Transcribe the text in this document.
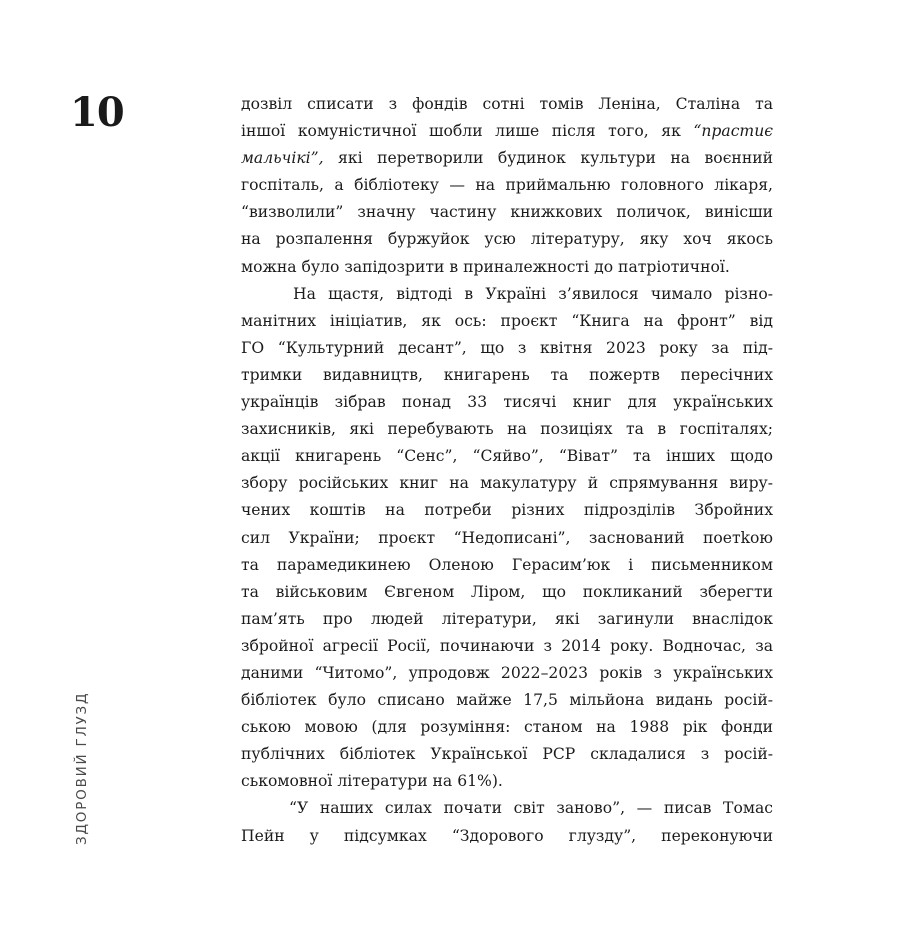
10
ЗДОРОВИЙ ГЛУЗД
дозвіл списати з фондів сотні томів Леніна, Сталіна та
іншої комуністичної шобли лише після того, як “прастиє
мальчікі”, які перетворили будинок культури на воєнний
госпіталь, а бібліотеку — на приймальню головного лікаря,
“визволили” значну частину книжкових поличок, винісши
на розпалення буржуйок усю літературу, яку хоч якось
можна було запідозрити в приналежності до патріотичної.
На щастя, відтоді в Україні з’явилося чимало різно-
манітних ініціатив, як ось: проєкт “Книга на фронт” від
ГО “Культурний десант”, що з квітня 2023 року за під-
тримки видавництв, книгарень та пожертв пересічних
українців зібрав понад 33 тисячі книг для українських
захисників, які перебувають на позиціях та в госпіталях;
акції книгарень “Сенс”, “Сяйво”, “Віват” та інших щодо
збору російських книг на макулатуру й спрямування виру-
чених коштів на потреби різних підрозділів Збройних
сил України; проєкт “Недописані”, заснований поетkою
та парамедикинею Оленою Герасим’юк і письменником
та військовим Євгеном Ліром, що покликаний зберегти
пам’ять про людей літератури, які загинули внаслідок
збройної агресії Росії, починаючи з 2014 року. Водночас, за
даними “Читомо”, упродовж 2022–2023 років з українських
бібліотек було списано майже 17,5 мільйона видань росій-
ською мовою (для розуміння: станом на 1988 рік фонди
публічних бібліотек Української РСР складалися з росій-
ськомовної літератури на 61%).
“У наших силах почати світ заново”, — писав Томас
Пейн у підсумках “Здорового глузду”, переконуючи
